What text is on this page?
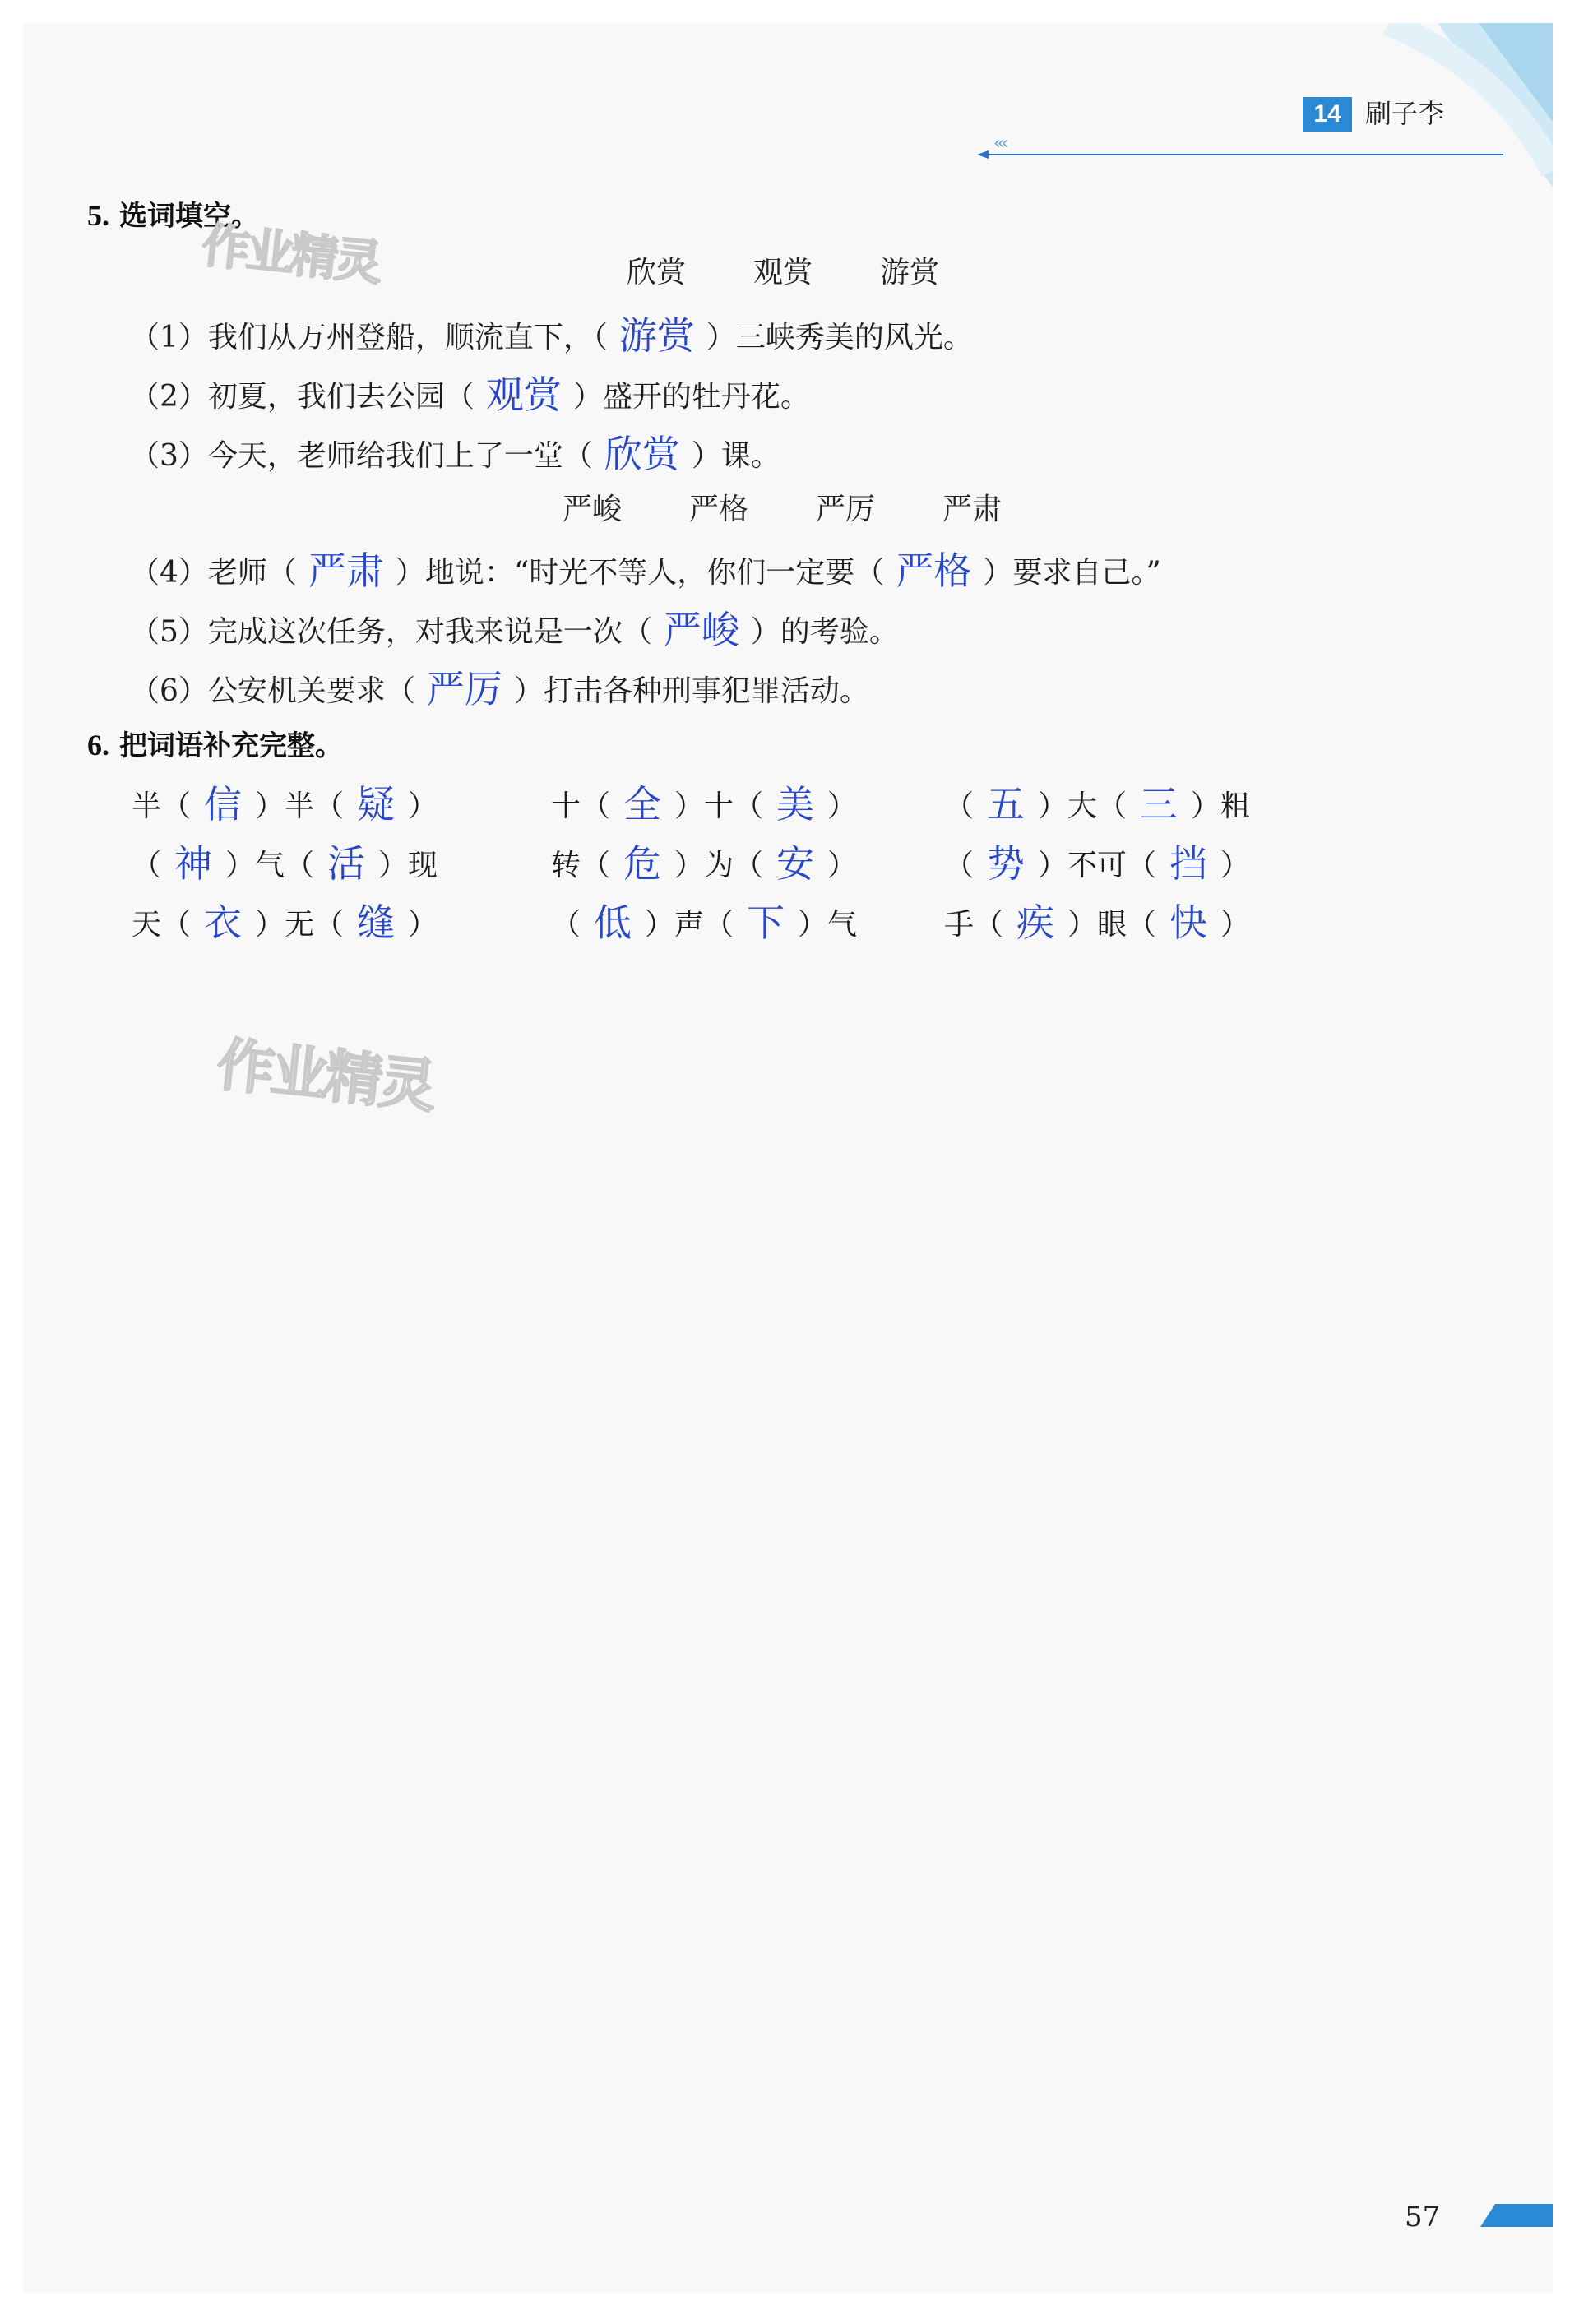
14 刷子李
‹‹‹
5. 选词填空。
作业精灵	欣赏 观赏 游赏
（1）我们从万州登船，顺流直下，（ 游赏 ）三峡秀美的风光。
（2）初夏，我们去公园（ 观赏 ）盛开的牡丹花。
（3）今天，老师给我们上了一堂（ 欣赏 ）课。
严峻 严格 严厉 严肃
（4）老师（ 严肃 ）地说：“时光不等人，你们一定要（ 严格 ）要求自己。”
（5）完成这次任务，对我来说是一次（ 严峻 ）的考验。
（6）公安机关要求（ 严厉 ）打击各种刑事犯罪活动。
6. 把词语补充完整。
半（ 信 ）半（ 疑 ）	十（ 全 ）十（ 美 ）	（ 五 ）大（ 三 ）粗
（ 神 ）气（ 活 ）现	转（ 危 ）为（ 安 ）	（ 势 ）不可（ 挡 ）
天（ 衣 ）无（ 缝 ）	（ 低 ）声（ 下 ）气	手（ 疾 ）眼（ 快 ）
作业精灵
57
